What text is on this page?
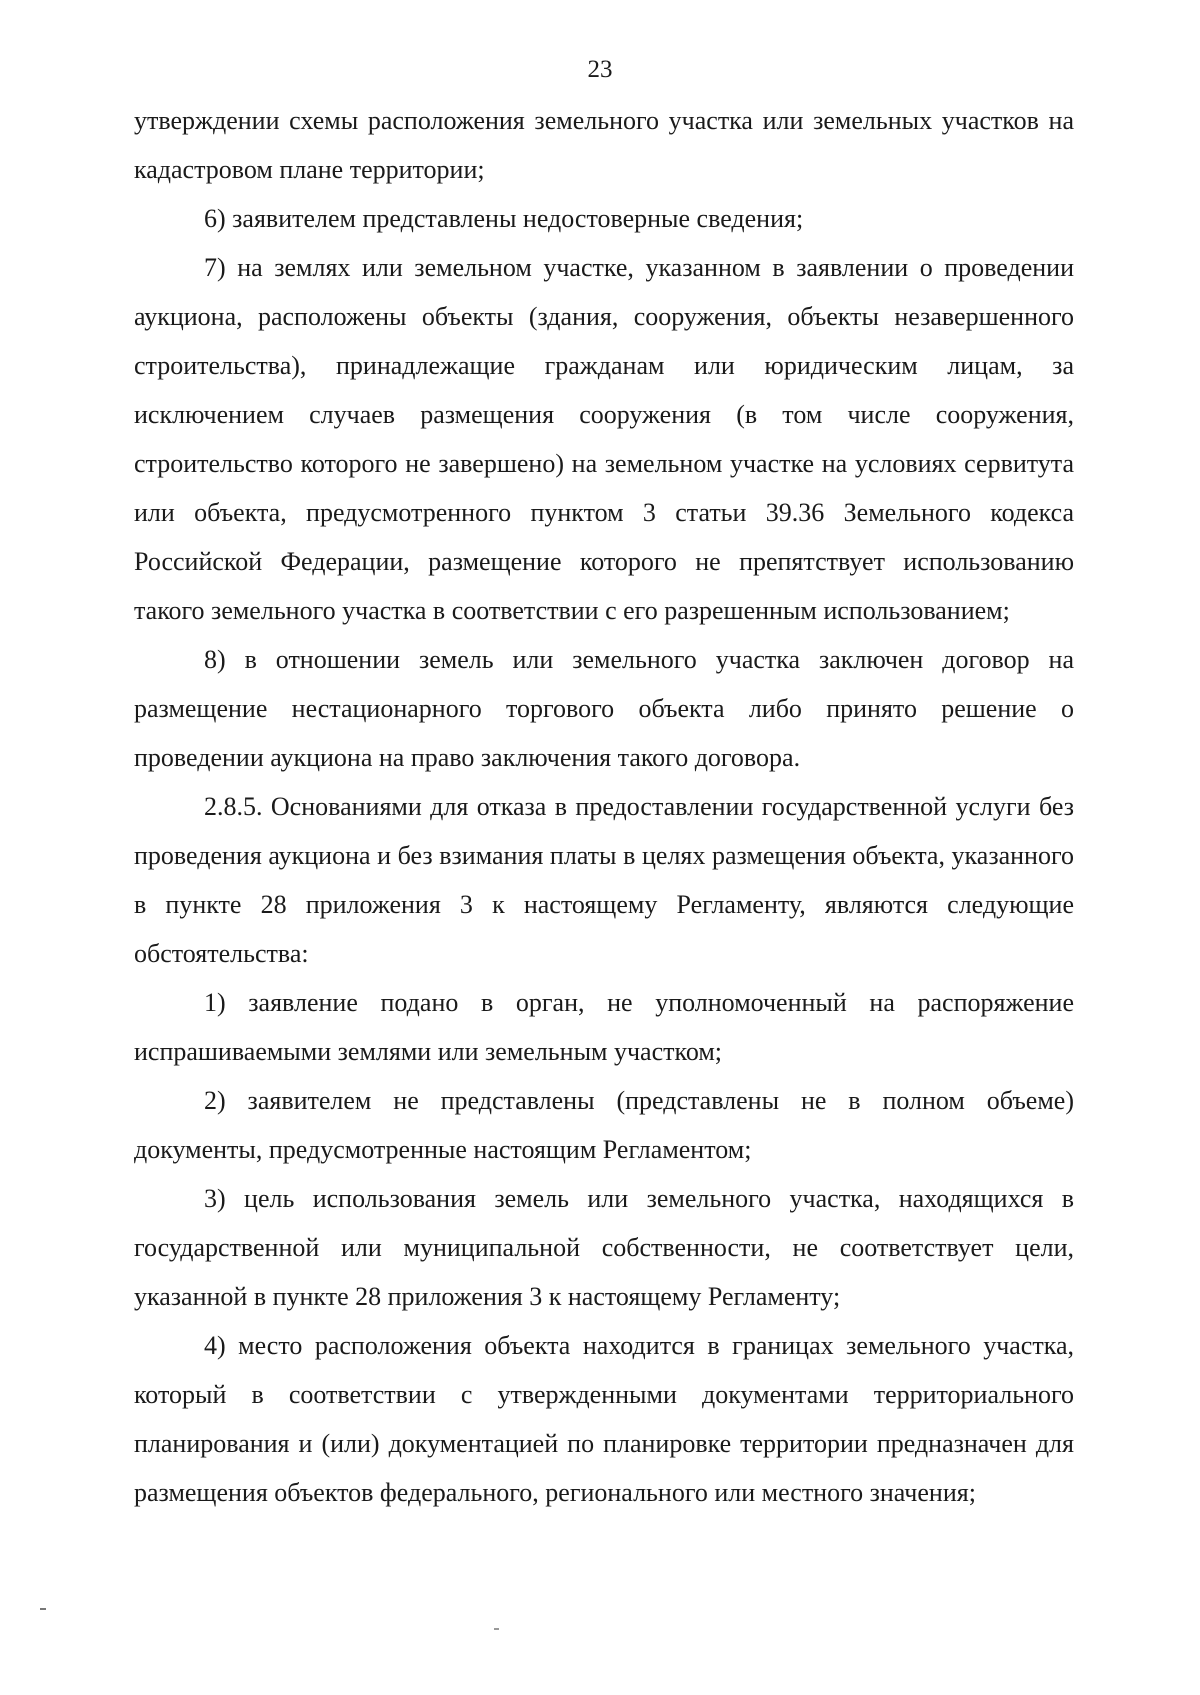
23

утверждении схемы расположения земельного участка или земельных участков на кадастровом плане территории;

6) заявителем представлены недостоверные сведения;

7) на землях или земельном участке, указанном в заявлении о проведении аукциона, расположены объекты (здания, сооружения, объекты незавершенного строительства), принадлежащие гражданам или юридическим лицам, за исключением случаев размещения сооружения (в том числе сооружения, строительство которого не завершено) на земельном участке на условиях сервитута или объекта, предусмотренного пунктом 3 статьи 39.36 Земельного кодекса Российской Федерации, размещение которого не препятствует использованию такого земельного участка в соответствии с его разрешенным использованием;

8) в отношении земель или земельного участка заключен договор на размещение нестационарного торгового объекта либо принято решение о проведении аукциона на право заключения такого договора.

2.8.5. Основаниями для отказа в предоставлении государственной услуги без проведения аукциона и без взимания платы в целях размещения объекта, указанного в пункте 28 приложения 3 к настоящему Регламенту, являются следующие обстоятельства:

1) заявление подано в орган, не уполномоченный на распоряжение испрашиваемыми землями или земельным участком;

2) заявителем не представлены (представлены не в полном объеме) документы, предусмотренные настоящим Регламентом;

3) цель использования земель или земельного участка, находящихся в государственной или муниципальной собственности, не соответствует цели, указанной в пункте 28 приложения 3 к настоящему Регламенту;

4) место расположения объекта находится в границах земельного участка, который в соответствии с утвержденными документами территориального планирования и (или) документацией по планировке территории предназначен для размещения объектов федерального, регионального или местного значения;
